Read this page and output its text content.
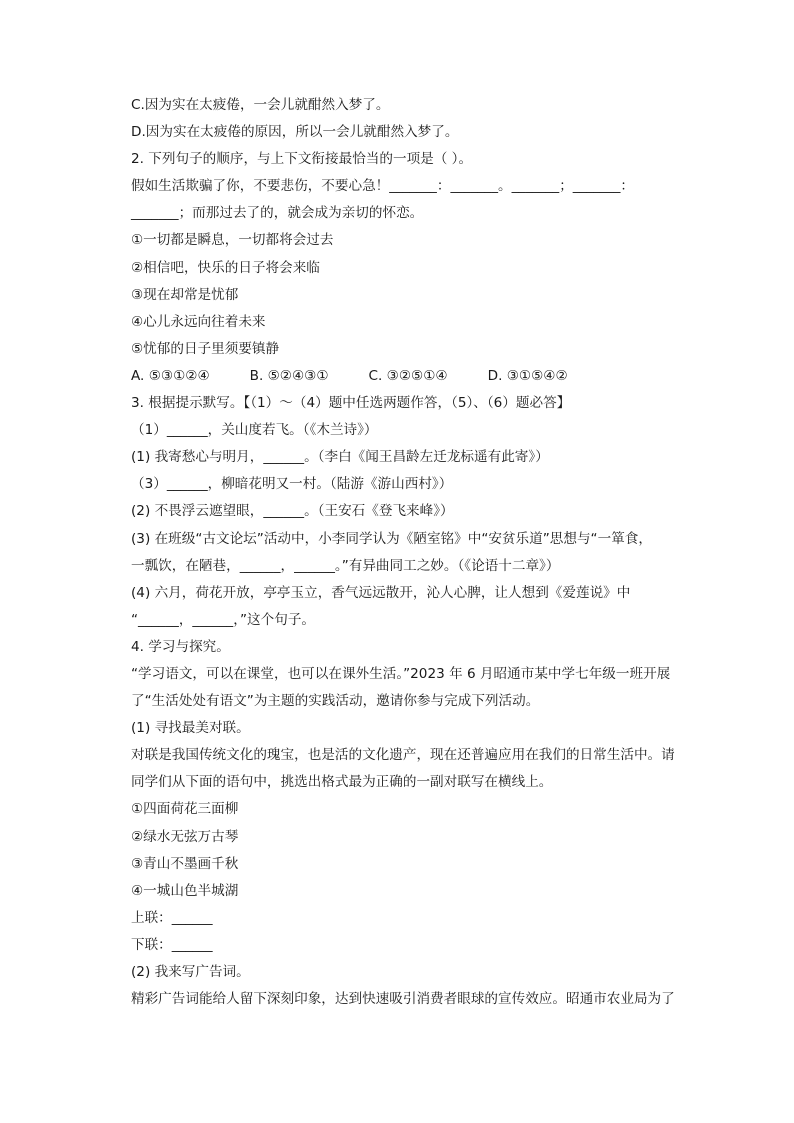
C.因为实在太疲倦，一会儿就酣然入梦了。
D.因为实在太疲倦的原因，所以一会儿就酣然入梦了。
2. 下列句子的顺序，与上下文衔接最恰当的一项是（ ）。
假如生活欺骗了你，不要悲伤，不要心急！_______：_______。_______；_______：
_______；而那过去了的，就会成为亲切的怀恋。
①一切都是瞬息，一切都将会过去
②相信吧，快乐的日子将会来临
③现在却常是忧郁
④心儿永远向往着未来
⑤忧郁的日子里须要镇静
A. ⑤③①②④	B. ⑤②④③①	C. ③②⑤①④	D. ③①⑤④②
3. 根据提示默写。【（1）～（4）题中任选两题作答，（5）、（6）题必答】
（1）______，关山度若飞。（《木兰诗》）
(1) 我寄愁心与明月，______。（李白《闻王昌龄左迁龙标遥有此寄》）
（3）______，柳暗花明又一村。（陆游《游山西村》）
(2) 不畏浮云遮望眼，______。（王安石《登飞来峰》）
(3) 在班级“古文论坛”活动中，小李同学认为《陋室铭》中“安贫乐道”思想与“一箪食，
一瓢饮，在陋巷，______，______。”有异曲同工之妙。（《论语十二章》）
(4) 六月，荷花开放，亭亭玉立，香气远远散开，沁人心脾，让人想到《爱莲说》中
“______，______，”这个句子。
4. 学习与探究。
“学习语文，可以在课堂，也可以在课外生活。”2023 年 6 月昭通市某中学七年级一班开展
了“生活处处有语文”为主题的实践活动，邀请你参与完成下列活动。
(1) 寻找最美对联。
对联是我国传统文化的瑰宝，也是活的文化遗产，现在还普遍应用在我们的日常生活中。请
同学们从下面的语句中，挑选出格式最为正确的一副对联写在横线上。
①四面荷花三面柳
②绿水无弦万古琴
③青山不墨画千秋
④一城山色半城湖
上联：______
下联：______
(2) 我来写广告词。
精彩广告词能给人留下深刻印象，达到快速吸引消费者眼球的宣传效应。昭通市农业局为了
